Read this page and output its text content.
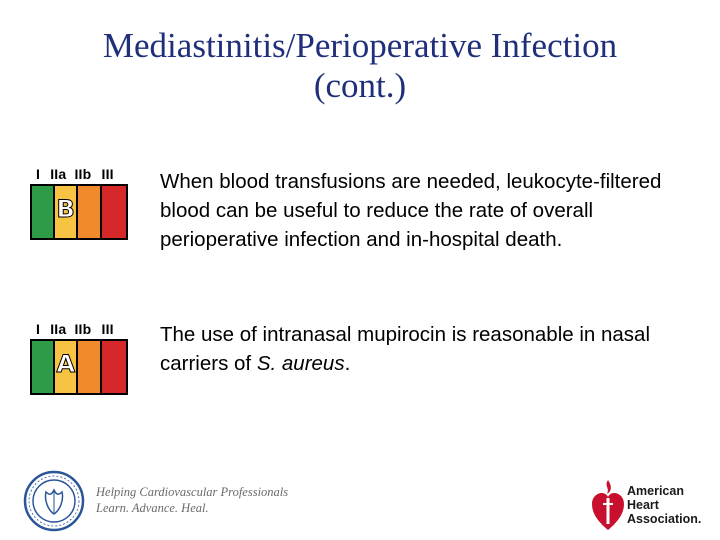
Mediastinitis/Perioperative Infection
(cont.)
I IIa IIb III
B
When blood transfusions are needed, leukocyte-filtered blood can be useful to reduce the rate of overall perioperative infection and in-hospital death.
I IIa IIb III
A
The use of intranasal mupirocin is reasonable in nasal carriers of S. aureus.
Helping Cardiovascular Professionals
Learn. Advance. Heal.
American
Heart
Association.
